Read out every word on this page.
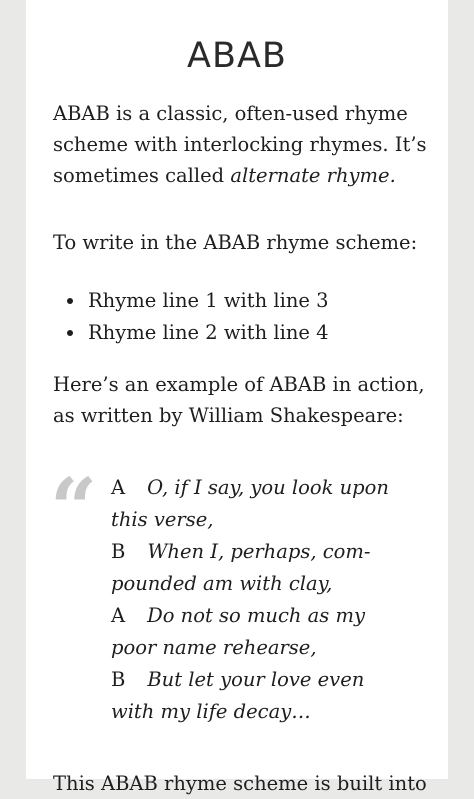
ABAB

ABAB is a classic, often-used rhyme scheme with interlocking rhymes. It’s sometimes called alternate rhyme.

To write in the ABAB rhyme scheme:

Rhyme line 1 with line 3
Rhyme line 2 with line 4

Here’s an example of ABAB in action, as written by William Shakespeare:

“ A O, if I say, you look upon
this verse,
B When I, perhaps, com-
pounded am with clay,
A Do not so much as my
poor name rehearse,
B But let your love even
with my life decay…
This ABAB rhyme scheme is built into
